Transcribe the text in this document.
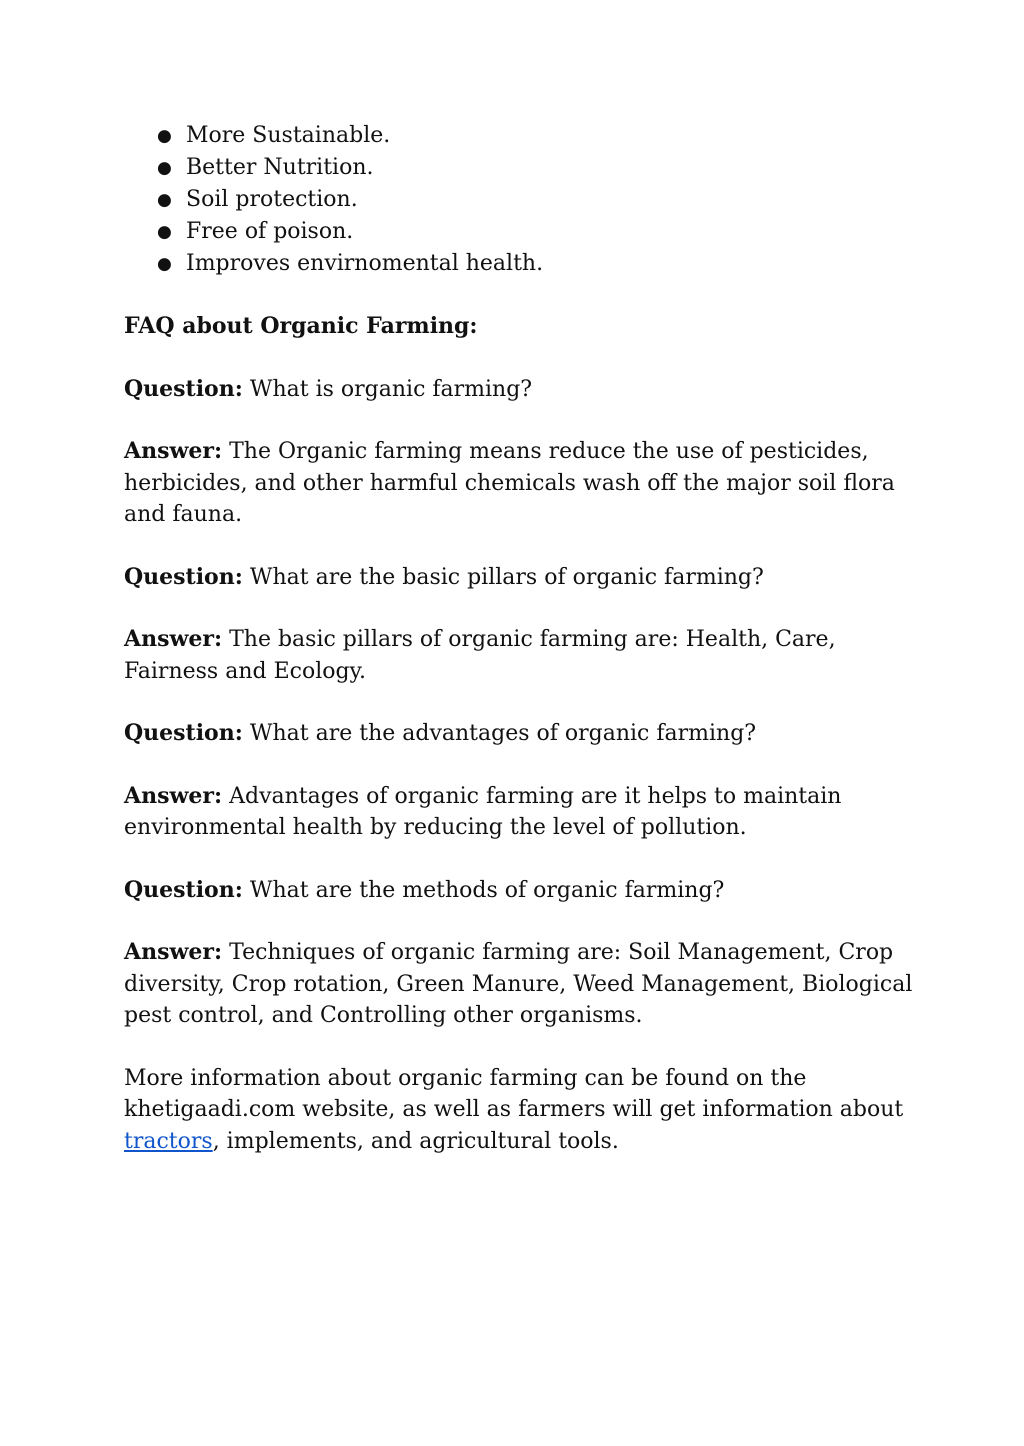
● More Sustainable.
● Better Nutrition.
● Soil protection.
● Free of poison.
● Improves envirnomental health.

FAQ about Organic Farming:

Question: What is organic farming?

Answer: The Organic farming means reduce the use of pesticides, herbicides, and other harmful chemicals wash off the major soil flora and fauna.

Question: What are the basic pillars of organic farming?

Answer: The basic pillars of organic farming are: Health, Care, Fairness and Ecology.

Question: What are the advantages of organic farming?

Answer: Advantages of organic farming are it helps to maintain environmental health by reducing the level of pollution.

Question: What are the methods of organic farming?

Answer: Techniques of organic farming are: Soil Management, Crop diversity, Crop rotation, Green Manure, Weed Management, Biological pest control, and Controlling other organisms.

More information about organic farming can be found on the khetigaadi.com website, as well as farmers will get information about tractors, implements, and agricultural tools.
